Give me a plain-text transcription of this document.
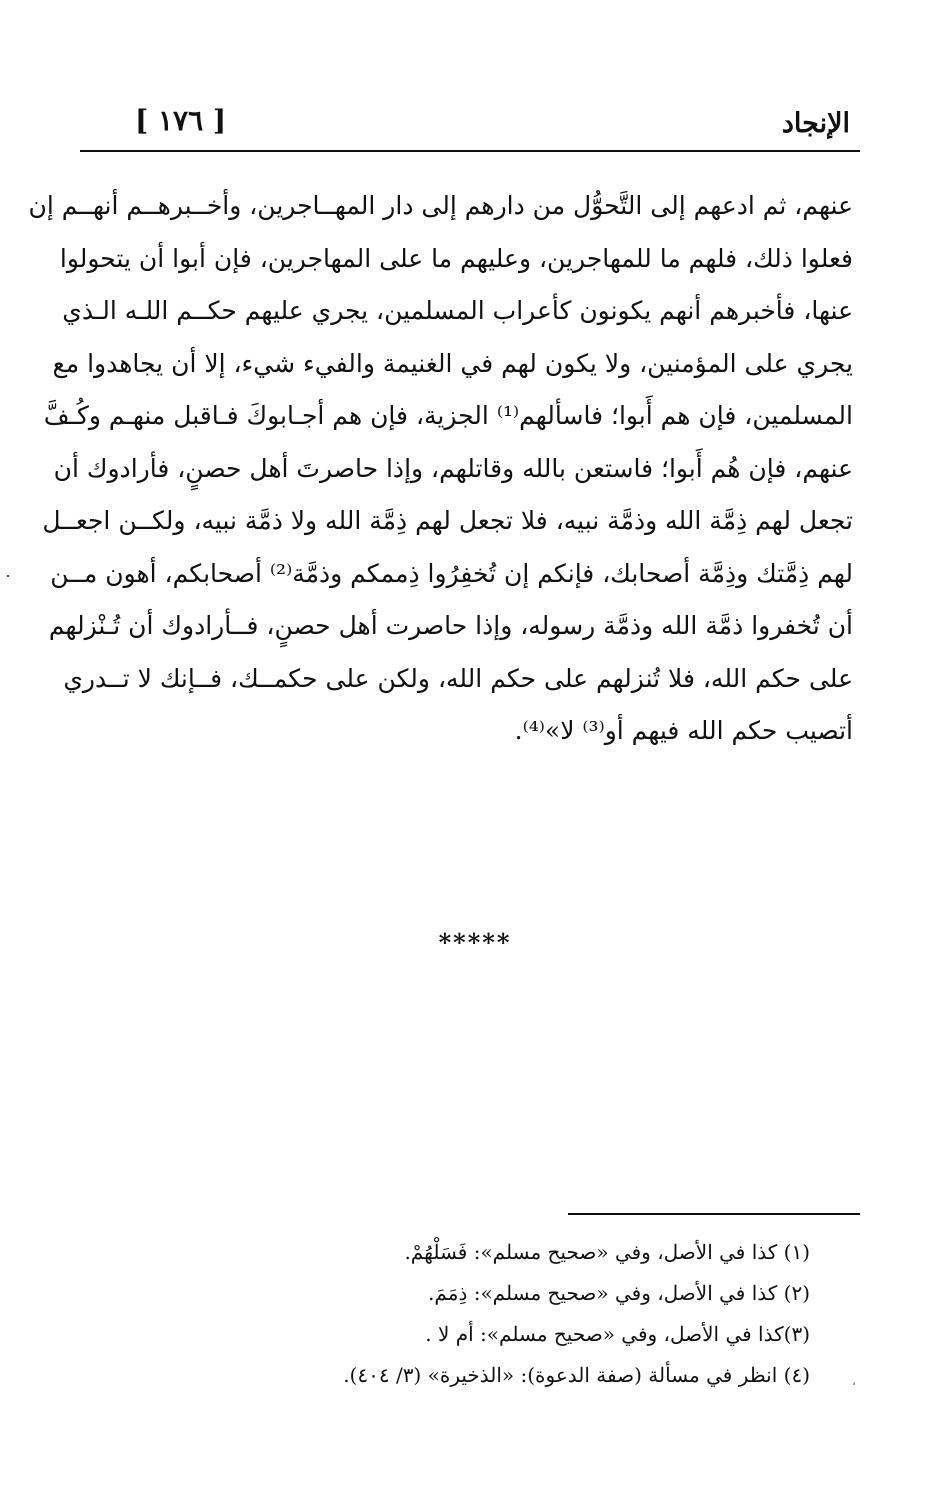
الإنجاد
[ ١٧٦ ]
عنهم، ثم ادعهم إلى التَّحوُّل من دارهم إلى دار المهــاجرين، وأخــبرهــم أنهــم إن
فعلوا ذلك، فلهم ما للمهاجرين، وعليهم ما على المهاجرين، فإن أبوا أن يتحولوا
عنها، فأخبرهم أنهم يكونون كأعراب المسلمين، يجري عليهم حكــم اللـه الـذي
يجري على المؤمنين، ولا يكون لهم في الغنيمة والفيء شيء، إلا أن يجاهدوا مع
المسلمين، فإن هم أَبوا؛ فاسألهم⁽¹⁾ الجزية، فإن هم أجـابوكَ فـاقبل منهـم وكُـفَّ
عنهم، فإن هُم أَبوا؛ فاستعن بالله وقاتلهم، وإذا حاصرتَ أهل حصنٍ، فأرادوك أن
تجعل لهم ذِمَّة الله وذمَّة نبيه، فلا تجعل لهم ذِمَّة الله ولا ذمَّة نبيه، ولكــن اجعــل
لهم ذِمَّتك وذِمَّة أصحابك، فإنكم إن تُخفِرُوا ذِممكم وذمَّة⁽²⁾ أصحابكم، أهون مــن
أن تُخفروا ذمَّة الله وذمَّة رسوله، وإذا حاصرت أهل حصنٍ، فــأرادوك أن تُـنْزلهم
على حكم الله، فلا تُنزلهم على حكم الله، ولكن على حكمــك، فــإنك لا تــدري
أتصيب حكم الله فيهم أو⁽³⁾ لا»⁽⁴⁾.
*****
(١) كذا في الأصل، وفي «صحيح مسلم»: فَسَلْهُمْ.
(٢) كذا في الأصل، وفي «صحيح مسلم»: ذِمَمَ.
(٣)كذا في الأصل، وفي «صحيح مسلم»: أم لا .
(٤) انظر في مسألة (صفة الدعوة): «الذخيرة» (٣/ ٤٠٤).	،
